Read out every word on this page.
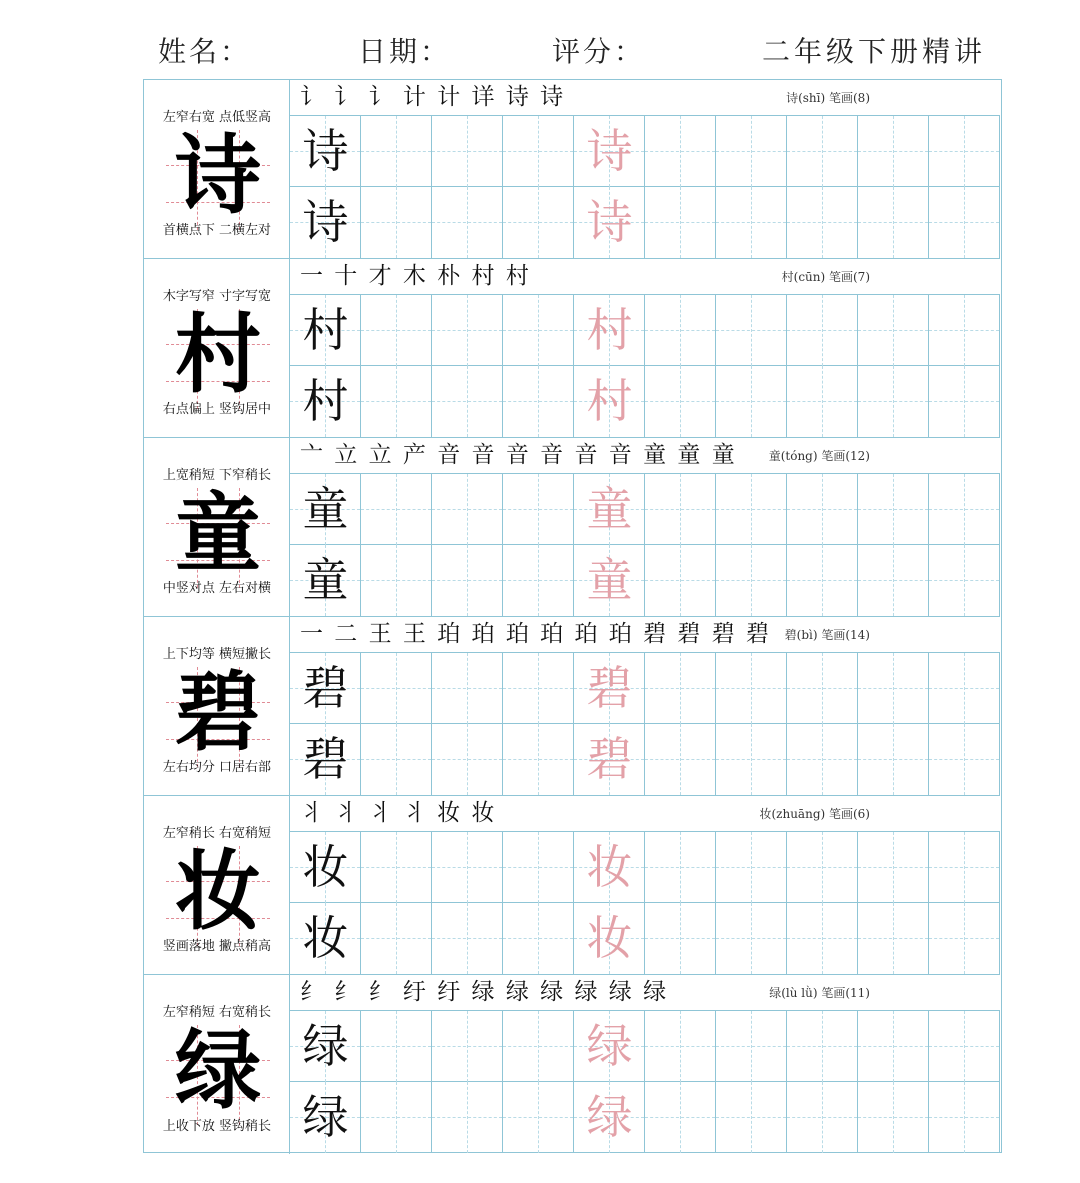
姓名：	日期：	评分：	二年级下册精讲
左窄右宽 点低竖高
诗
首横点下 二横左对
讠 讠 讠 计 计 详 诗 诗	诗(shī) 笔画(8)
诗	诗
诗	诗
木字写窄 寸字写宽
村
右点偏上 竖钩居中
一 十 才 木 朴 村 村	村(cūn) 笔画(7)
村	村
村	村
上宽稍短 下窄稍长
童
中竖对点 左右对横
亠 立 立 产 音 音 音 音 音 音 童 童 童	童(tóng) 笔画(12)
童	童
童	童
上下均等 横短撇长
碧
左右均分 口居右部
一 二 王 王 珀 珀 珀 珀 珀 珀 碧 碧 碧 碧 碧(bì) 笔画(14)
碧	碧
碧	碧
左窄稍长 右宽稍短
妆
竖画落地 撇点稍高
丬 丬 丬 丬 妆 妆	妆(zhuāng) 笔画(6)
妆	妆
妆	妆
左窄稍短 右宽稍长
绿
上收下放 竖钩稍长
纟 纟 纟 纡 纡 绿 绿 绿 绿 绿 绿	绿(lù lǜ) 笔画(11)
绿	绿
绿	绿
